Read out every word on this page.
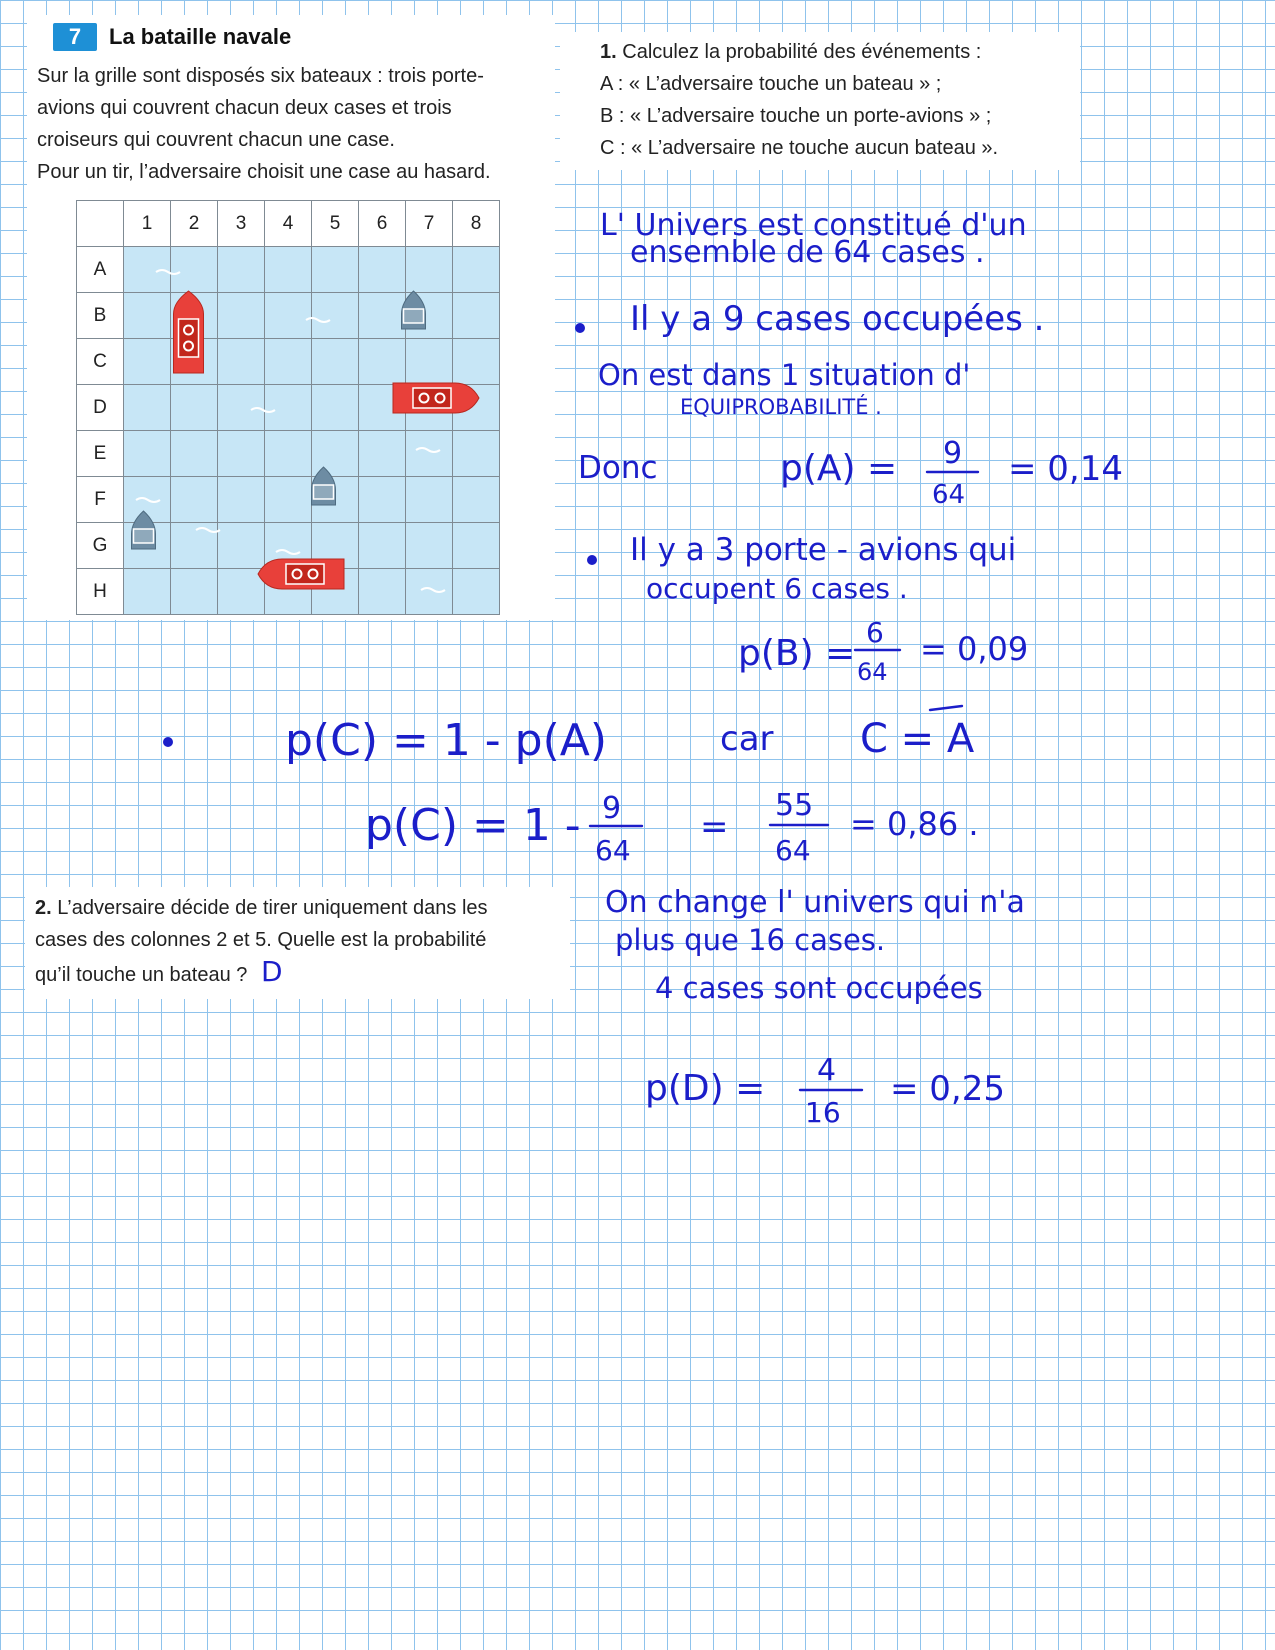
7	La bataille navale
Sur la grille sont disposés six bateaux : trois porte-
avions qui couvrent chacun deux cases et trois
croiseurs qui couvrent chacun une case.
Pour un tir, l’adversaire choisit une case au hasard.
	1	2	3	4	5	6	7	8
A								
B								
C								
D								
E								
F								
G								
H								
1. Calculez la probabilité des événements :
A : « L’adversaire touche un bateau » ;
B : « L’adversaire touche un porte-avions » ;
C : « L’adversaire ne touche aucun bateau ».
2. L’adversaire décide de tirer uniquement dans les
cases des colonnes 2 et 5. Quelle est la probabilité
qu’il touche un bateau ? D
L' Univers est constitué d'un
ensemble de 64 cases .
Il y a 9 cases occupées .
On est dans 1 situation d'
EQUIPROBABILITÉ .
Donc	p(A) = 9
64
= 0,14
Il y a 3 porte - avions qui
occupent 6 cases .
p(B) =
6
64
= 0,09
p(C) = 1 - p(A)	car C = A
p(C) = 1 - 9
64
=
55
64
= 0,86 .
On change l' univers qui n'a
plus que 16 cases.
4 cases sont occupées
p(D) = 4
16
= 0,25
